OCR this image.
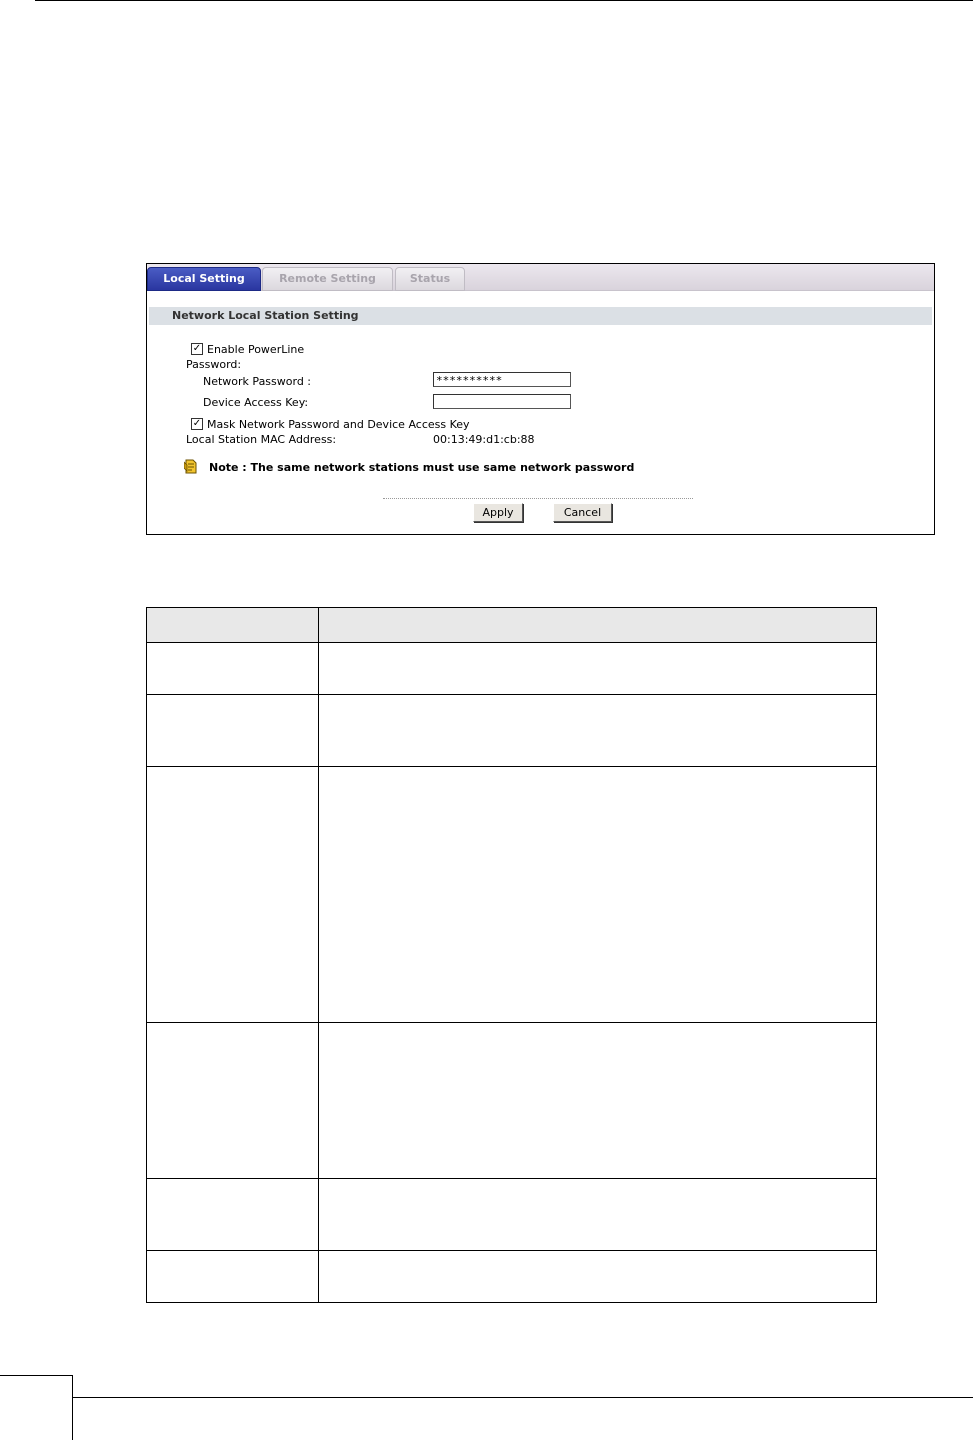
Local Setting	Remote Setting	Status
Network Local Station Setting
✓ Enable PowerLine
Password:
Network Password :	**********
Device Access Key:
✓ Mask Network Password and Device Access Key
Local Station MAC Address:	00:13:49:d1:cb:88
Note : The same network stations must use same network password
Apply	Cancel
